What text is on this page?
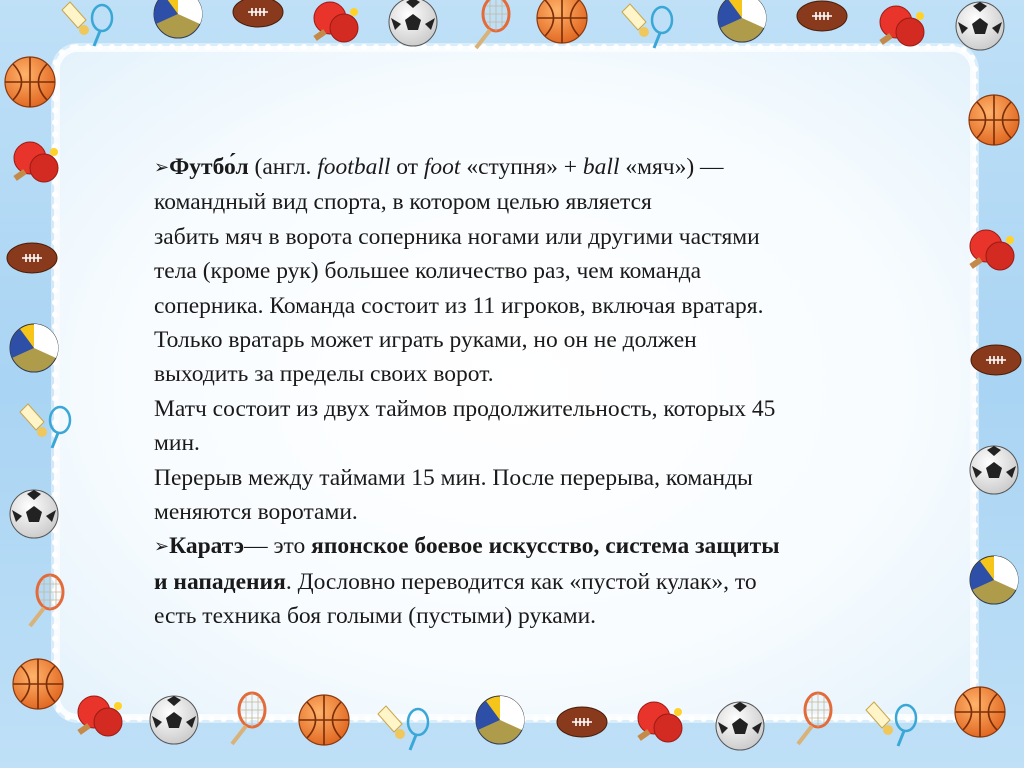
➢Футбо́л (англ. football от foot «ступня» + ball «мяч») —

командный вид спорта, в котором целью является

забить мяч в ворота соперника ногами или другими частями

тела (кроме рук) большее количество раз, чем команда

соперника. Команда состоит из 11 игроков, включая вратаря.

Только вратарь может играть руками, но он не должен

выходить за пределы своих ворот.

Матч состоит из двух таймов продолжительность, которых 45

мин.

Перерыв между таймами 15 мин. После перерыва, команды

меняются воротами.

➢Каратэ— это японское боевое искусство, система защиты

и нападения. Дословно переводится как «пустой кулак», то

есть техника боя голыми (пустыми) руками.
